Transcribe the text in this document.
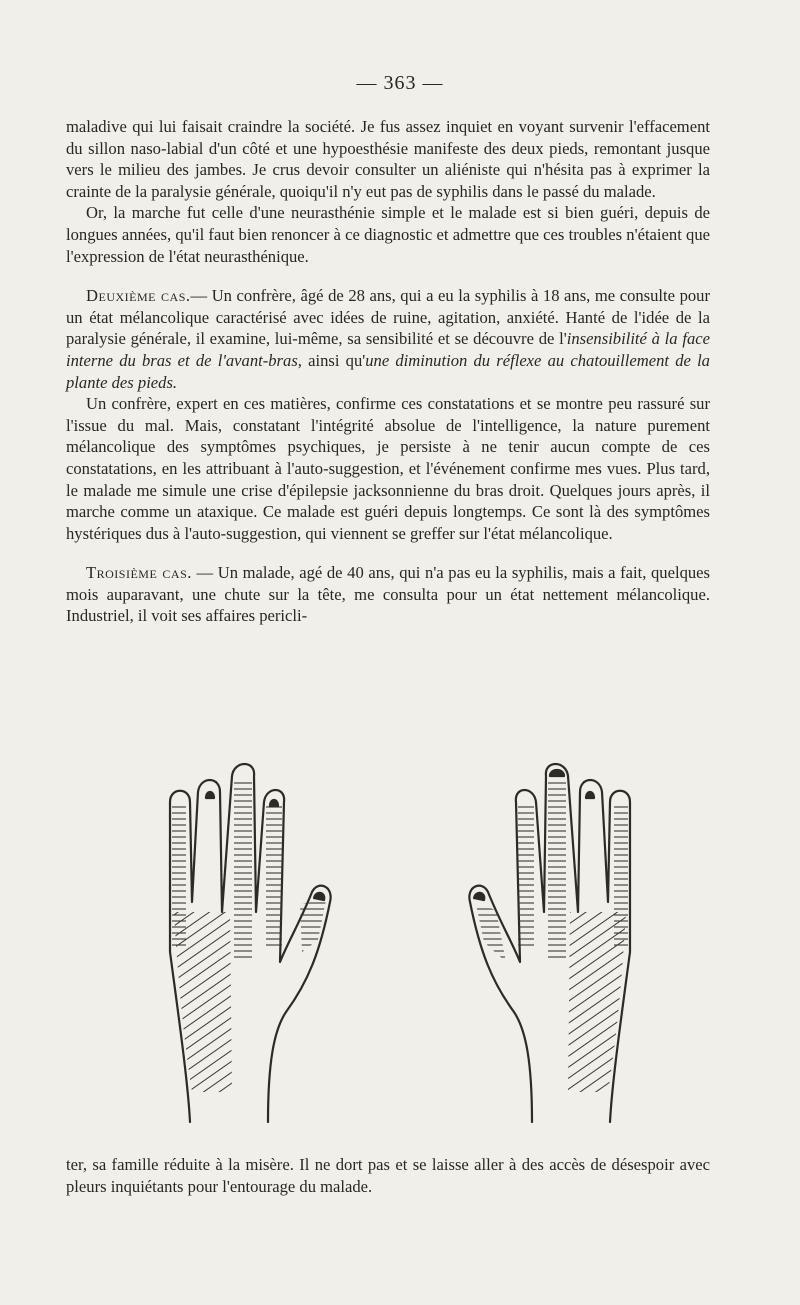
— 363 —

maladive qui lui faisait craindre la société. Je fus assez inquiet en voyant survenir l'effacement du sillon naso-labial d'un côté et une hypoesthésie manifeste des deux pieds, remontant jusque vers le milieu des jambes. Je crus devoir consulter un aliéniste qui n'hésita pas à exprimer la crainte de la paralysie générale, quoiqu'il n'y eut pas de syphilis dans le passé du malade.

Or, la marche fut celle d'une neurasthénie simple et le malade est si bien guéri, depuis de longues années, qu'il faut bien renoncer à ce diagnostic et admettre que ces troubles n'étaient que l'expression de l'état neurasthénique.

Deuxième cas.— Un confrère, âgé de 28 ans, qui a eu la syphilis à 18 ans, me consulte pour un état mélancolique caractérisé avec idées de ruine, agitation, anxiété. Hanté de l'idée de la paralysie générale, il examine, lui-même, sa sensibilité et se découvre de l'insensibilité à la face interne du bras et de l'avant-bras, ainsi qu'une diminution du réflexe au chatouillement de la plante des pieds.

Un confrère, expert en ces matières, confirme ces constatations et se montre peu rassuré sur l'issue du mal. Mais, constatant l'intégrité absolue de l'intelligence, la nature purement mélancolique des symptômes psychiques, je persiste à ne tenir aucun compte de ces constatations, en les attribuant à l'auto-suggestion, et l'événement confirme mes vues. Plus tard, le malade me simule une crise d'épilepsie jacksonnienne du bras droit. Quelques jours après, il marche comme un ataxique. Ce malade est guéri depuis longtemps. Ce sont là des symptômes hystériques dus à l'auto-suggestion, qui viennent se greffer sur l'état mélancolique.

Troisième cas. — Un malade, agé de 40 ans, qui n'a pas eu la syphilis, mais a fait, quelques mois auparavant, une chute sur la tête, me consulta pour un état nettement mélancolique. Industriel, il voit ses affaires pericli-

ter, sa famille réduite à la misère. Il ne dort pas et se laisse aller à des accès de désespoir avec pleurs inquiétants pour l'entourage du malade.
